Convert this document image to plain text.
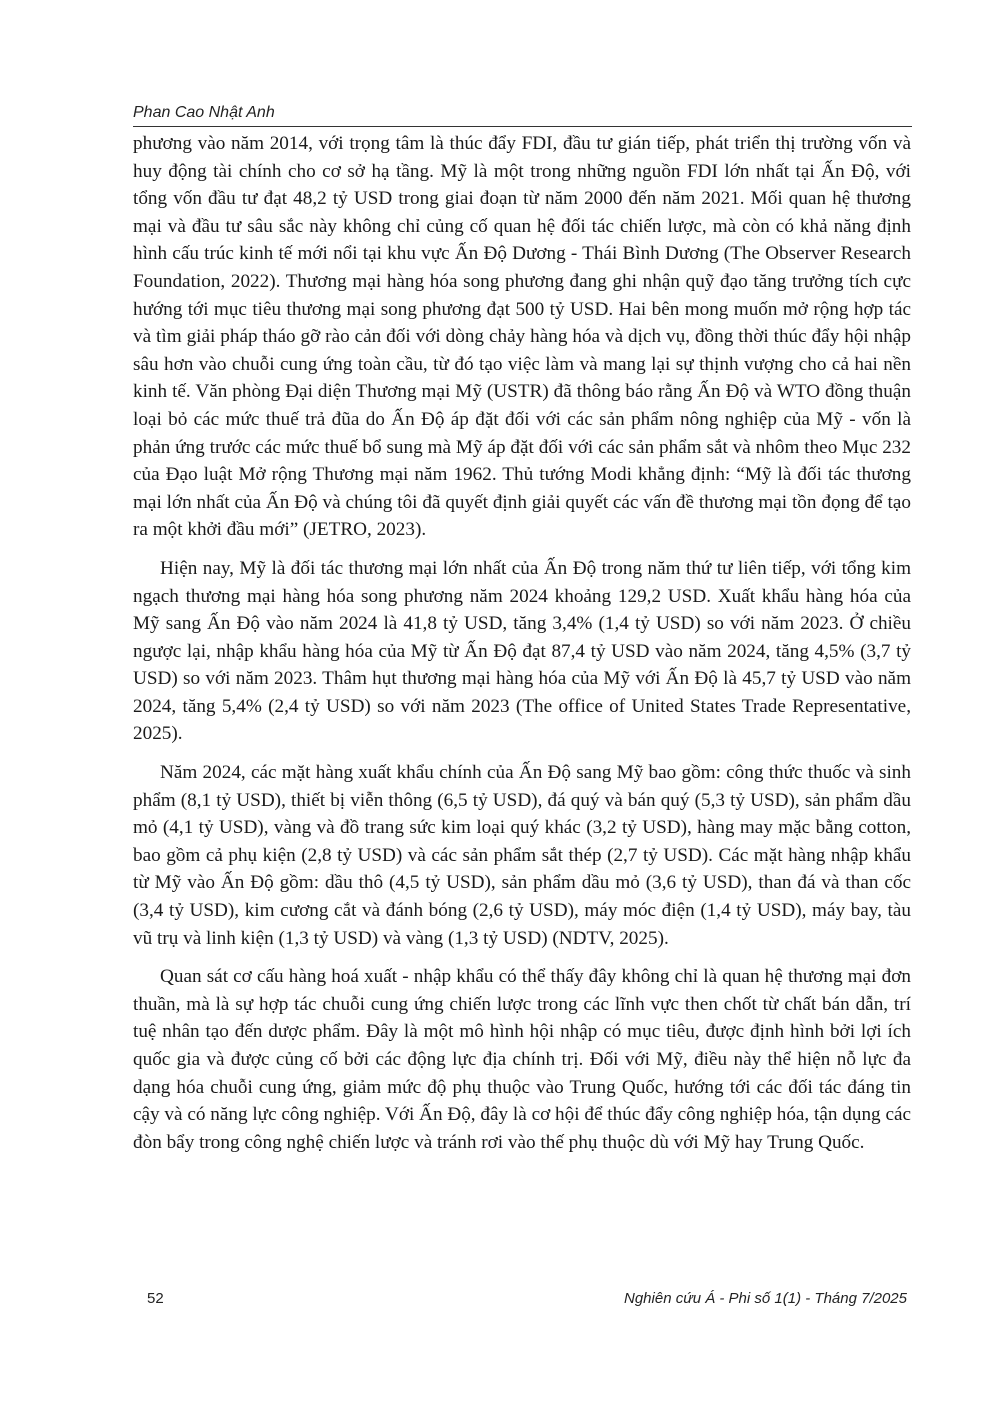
Phan Cao Nhật Anh

phương vào năm 2014, với trọng tâm là thúc đẩy FDI, đầu tư gián tiếp, phát triển thị trường vốn và huy động tài chính cho cơ sở hạ tầng. Mỹ là một trong những nguồn FDI lớn nhất tại Ấn Độ, với tổng vốn đầu tư đạt 48,2 tỷ USD trong giai đoạn từ năm 2000 đến năm 2021. Mối quan hệ thương mại và đầu tư sâu sắc này không chỉ củng cố quan hệ đối tác chiến lược, mà còn có khả năng định hình cấu trúc kinh tế mới nổi tại khu vực Ấn Độ Dương - Thái Bình Dương (The Observer Research Foundation, 2022). Thương mại hàng hóa song phương đang ghi nhận quỹ đạo tăng trưởng tích cực hướng tới mục tiêu thương mại song phương đạt 500 tỷ USD. Hai bên mong muốn mở rộng hợp tác và tìm giải pháp tháo gỡ rào cản đối với dòng chảy hàng hóa và dịch vụ, đồng thời thúc đẩy hội nhập sâu hơn vào chuỗi cung ứng toàn cầu, từ đó tạo việc làm và mang lại sự thịnh vượng cho cả hai nền kinh tế. Văn phòng Đại diện Thương mại Mỹ (USTR) đã thông báo rằng Ấn Độ và WTO đồng thuận loại bỏ các mức thuế trả đũa do Ấn Độ áp đặt đối với các sản phẩm nông nghiệp của Mỹ - vốn là phản ứng trước các mức thuế bổ sung mà Mỹ áp đặt đối với các sản phẩm sắt và nhôm theo Mục 232 của Đạo luật Mở rộng Thương mại năm 1962. Thủ tướng Modi khẳng định: “Mỹ là đối tác thương mại lớn nhất của Ấn Độ và chúng tôi đã quyết định giải quyết các vấn đề thương mại tồn đọng để tạo ra một khởi đầu mới” (JETRO, 2023).

Hiện nay, Mỹ là đối tác thương mại lớn nhất của Ấn Độ trong năm thứ tư liên tiếp, với tổng kim ngạch thương mại hàng hóa song phương năm 2024 khoảng 129,2 USD. Xuất khẩu hàng hóa của Mỹ sang Ấn Độ vào năm 2024 là 41,8 tỷ USD, tăng 3,4% (1,4 tỷ USD) so với năm 2023. Ở chiều ngược lại, nhập khẩu hàng hóa của Mỹ từ Ấn Độ đạt 87,4 tỷ USD vào năm 2024, tăng 4,5% (3,7 tỷ USD) so với năm 2023. Thâm hụt thương mại hàng hóa của Mỹ với Ấn Độ là 45,7 tỷ USD vào năm 2024, tăng 5,4% (2,4 tỷ USD) so với năm 2023 (The office of United States Trade Representative, 2025).

Năm 2024, các mặt hàng xuất khẩu chính của Ấn Độ sang Mỹ bao gồm: công thức thuốc và sinh phẩm (8,1 tỷ USD), thiết bị viễn thông (6,5 tỷ USD), đá quý và bán quý (5,3 tỷ USD), sản phẩm dầu mỏ (4,1 tỷ USD), vàng và đồ trang sức kim loại quý khác (3,2 tỷ USD), hàng may mặc bằng cotton, bao gồm cả phụ kiện (2,8 tỷ USD) và các sản phẩm sắt thép (2,7 tỷ USD). Các mặt hàng nhập khẩu từ Mỹ vào Ấn Độ gồm: dầu thô (4,5 tỷ USD), sản phẩm dầu mỏ (3,6 tỷ USD), than đá và than cốc (3,4 tỷ USD), kim cương cắt và đánh bóng (2,6 tỷ USD), máy móc điện (1,4 tỷ USD), máy bay, tàu vũ trụ và linh kiện (1,3 tỷ USD) và vàng (1,3 tỷ USD) (NDTV, 2025).

Quan sát cơ cấu hàng hoá xuất - nhập khẩu có thể thấy đây không chỉ là quan hệ thương mại đơn thuần, mà là sự hợp tác chuỗi cung ứng chiến lược trong các lĩnh vực then chốt từ chất bán dẫn, trí tuệ nhân tạo đến dược phẩm. Đây là một mô hình hội nhập có mục tiêu, được định hình bởi lợi ích quốc gia và được củng cố bởi các động lực địa chính trị. Đối với Mỹ, điều này thể hiện nỗ lực đa dạng hóa chuỗi cung ứng, giảm mức độ phụ thuộc vào Trung Quốc, hướng tới các đối tác đáng tin cậy và có năng lực công nghiệp. Với Ấn Độ, đây là cơ hội để thúc đẩy công nghiệp hóa, tận dụng các đòn bẩy trong công nghệ chiến lược và tránh rơi vào thế phụ thuộc dù với Mỹ hay Trung Quốc.

52	Nghiên cứu Á - Phi số 1(1) - Tháng 7/2025
